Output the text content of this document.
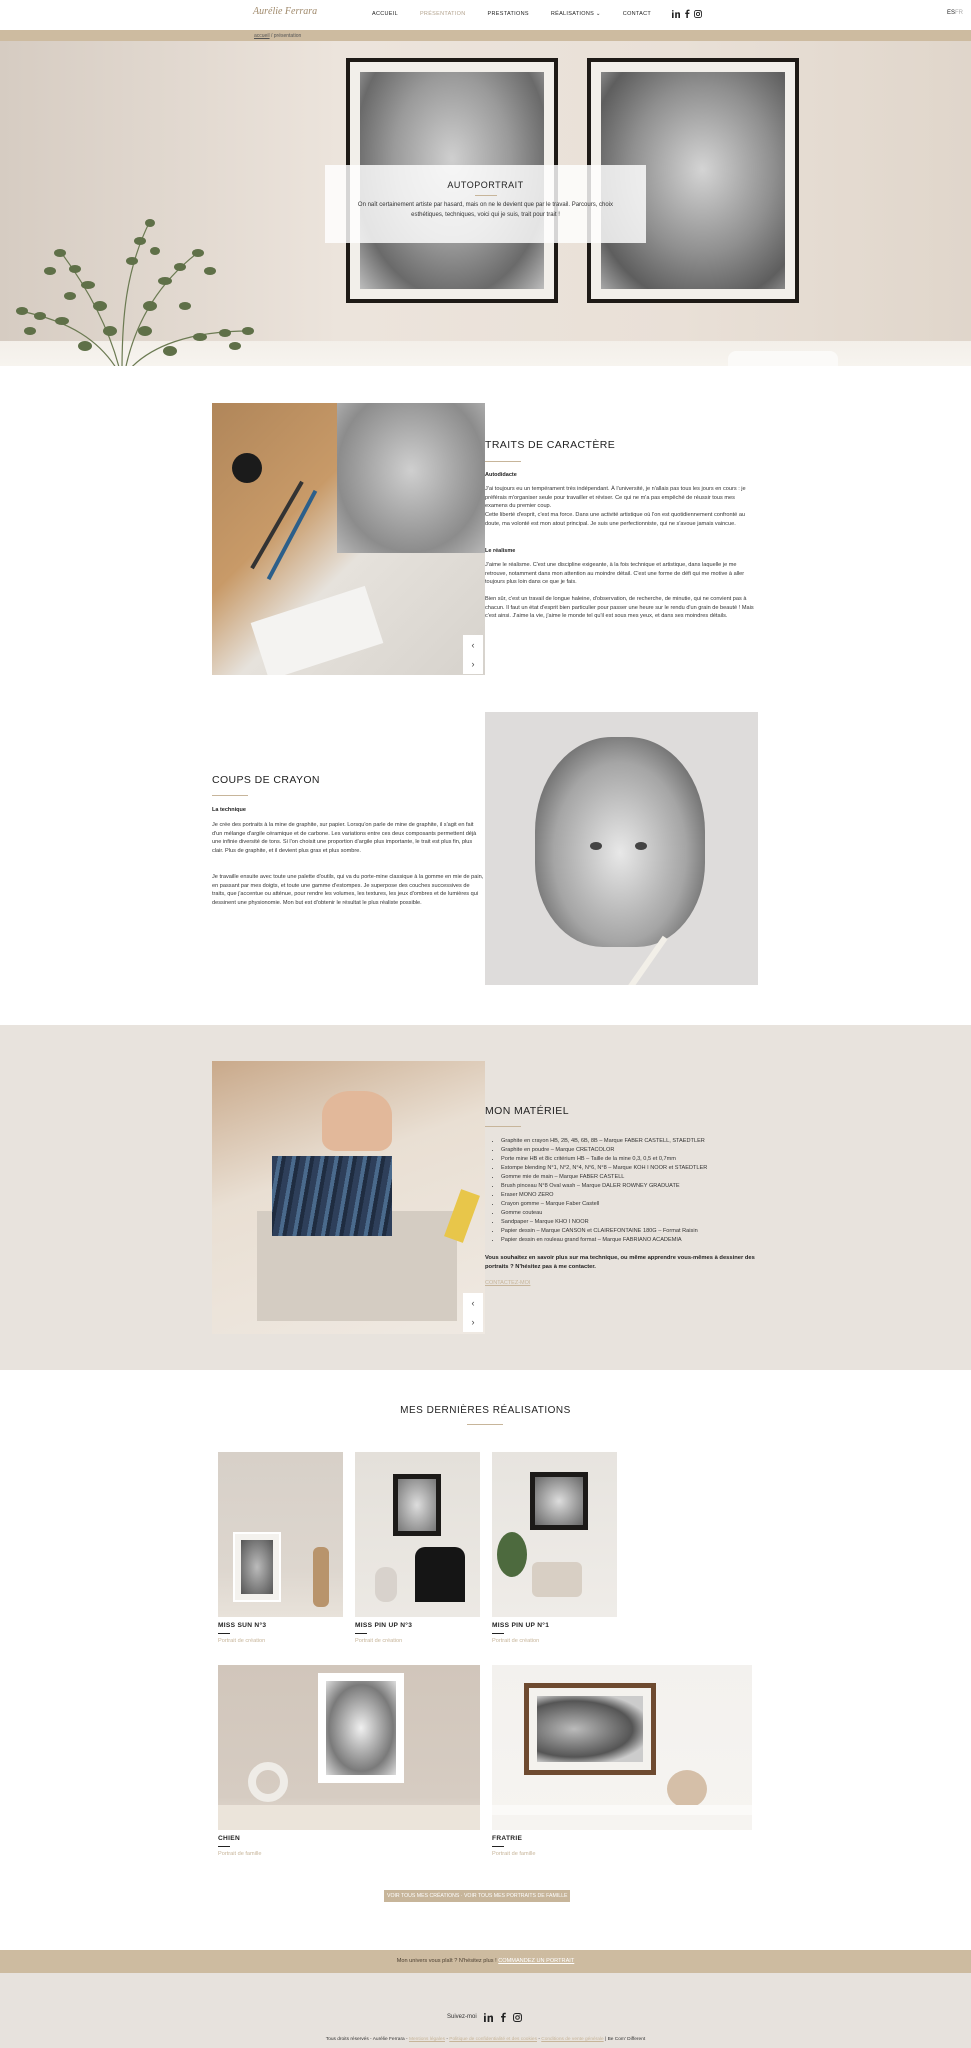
Aurélie Ferrara	ACCUEIL	PRÉSENTATION	PRESTATIONS	RÉALISATIONS ⌄	CONTACT	ESFR
accueil / présentation
AUTOPORTRAIT
On naît certainement artiste par hasard, mais on ne le devient que par le travail. Parcours, choix esthétiques, techniques, voici qui je suis, trait pour trait !
‹
›
TRAITS DE CARACTÈRE
Autodidacte
J'ai toujours eu un tempérament très indépendant. À l'université, je n'allais pas tous les jours en cours : je préférais m'organiser seule pour travailler et réviser. Ce qui ne m'a pas empêché de réussir tous mes examens du premier coup.
Cette liberté d'esprit, c'est ma force. Dans une activité artistique où l'on est quotidiennement confronté au doute, ma volonté est mon atout principal. Je suis une perfectionniste, qui ne s'avoue jamais vaincue.
Le réalisme
J'aime le réalisme. C'est une discipline exigeante, à la fois technique et artistique, dans laquelle je me retrouve, notamment dans mon attention au moindre détail. C'est une forme de défi qui me motive à aller toujours plus loin dans ce que je fais.
Bien sûr, c'est un travail de longue haleine, d'observation, de recherche, de minutie, qui ne convient pas à chacun. Il faut un état d'esprit bien particulier pour passer une heure sur le rendu d'un grain de beauté ! Mais c'est ainsi. J'aime la vie, j'aime le monde tel qu'il est sous mes yeux, et dans ses moindres détails.
COUPS DE CRAYON
La technique
Je crée des portraits à la mine de graphite, sur papier. Lorsqu'on parle de mine de graphite, il s'agit en fait d'un mélange d'argile céramique et de carbone. Les variations entre ces deux composants permettent déjà une infinie diversité de tons. Si l'on choisit une proportion d'argile plus importante, le trait est plus fin, plus clair. Plus de graphite, et il devient plus gras et plus sombre.
Je travaille ensuite avec toute une palette d'outils, qui va du porte-mine classique à la gomme en mie de pain, en passant par mes doigts, et toute une gamme d'estompes. Je superpose des couches successives de traits, que j'accentue ou atténue, pour rendre les volumes, les textures, les jeux d'ombres et de lumières qui dessinent une physionomie. Mon but est d'obtenir le résultat le plus réaliste possible.
‹
›
MON MATÉRIEL
• Graphite en crayon HB, 2B, 4B, 6B, 8B – Marque FABER CASTELL, STAEDTLER
• Graphite en poudre – Marque CRETACOLOR
• Porte mine HB et 8ic critérium HB – Taille de la mine 0,3, 0,5 et 0,7mm
• Estompe blending N°1, N°2, N°4, N°6, N°8 – Marque KOH I NOOR et STAEDTLER
• Gomme mie de main – Marque FABER CASTELL
• Brush pinceau N°8 Oval wash – Marque DALER ROWNEY GRADUATE
• Eraser MONO ZERO
• Crayon gomme – Marque Faber Castell
• Gomme couteau
• Sandpaper – Marque KHO I NOOR
• Papier dessin – Marque CANSON et CLAIREFONTAINE 180G – Format Raisin
• Papier dessin en rouleau grand format – Marque FABRIANO ACADEMIA
Vous souhaitez en savoir plus sur ma technique, ou même apprendre vous-mêmes à dessiner des portraits ? N'hésitez pas à me contacter.
CONTACTEZ-MOI
MES DERNIÈRES RÉALISATIONS
MISS SUN N°3
Portrait de création
MISS PIN UP N°3
Portrait de création
MISS PIN UP N°1
Portrait de création
CHIEN
Portrait de famille
FRATRIE
Portrait de famille
VOIR TOUS MES CRÉATIONS · VOIR TOUS MES PORTRAITS DE FAMILLE
Mon univers vous plaît ? N'hésitez plus ! COMMANDEZ UN PORTRAIT
Suivez-moi
Tous droits réservés - Aurélie Ferrara - Mentions légales - Politique de confidentialité et des cookies - Conditions de vente générale | Be Com' Different
